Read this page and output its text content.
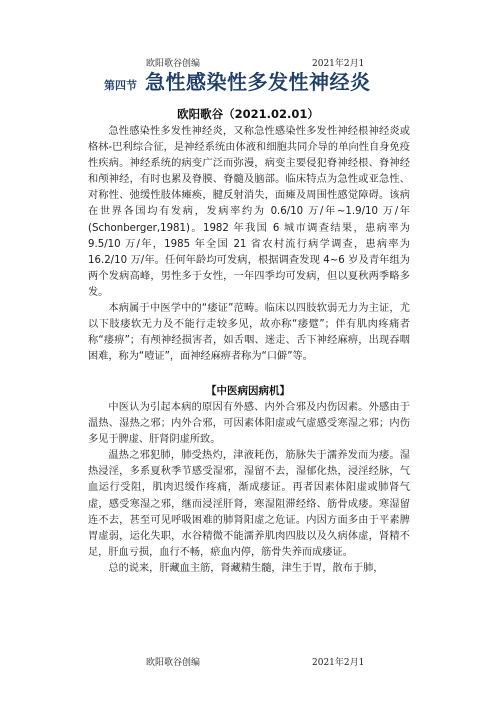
欧阳歌谷创编	2021年2月1
第四节 急性感染性多发性神经炎
欧阳歌谷（2021.02.01）

急性感染性多发性神经炎，又称急性感染性多发性神经根神经炎或格林-巴利综合征，是神经系统由体液和细胞共同介导的单向性自身免疫性疾病。神经系统的病变广泛而弥漫，病变主要侵犯脊神经根、脊神经和颅神经，有时也累及脊膜、脊髓及脑部。临床特点为急性或亚急性、对称性、弛缓性肢体瘫痪，腱反射消失，面瘫及周围性感觉障碍。该病在世界各国均有发病，发病率约为 0.6/10 万/年~1.9/10 万/年(Schonberger,1981)。1982 年我国 6 城市调查结果，患病率为 9.5/10 万/年，1985 年全国 21 省农村流行病学调查，患病率为 16.2/10 万/年。任何年龄均可发病，根据调查发现 4~6 岁及青年组为两个发病高峰，男性多于女性，一年四季均可发病，但以夏秋两季略多发。

本病属于中医学中的“痿证”范畴。临床以四肢软弱无力为主证，尤以下肢痿软无力及不能行走较多见，故亦称“痿躄”；伴有肌肉疼痛者称“痿痹”；有颅神经损害者，如舌咽、迷走、舌下神经麻痹，出现吞咽困难，称为“噎证”，面神经麻痹者称为“口僻”等。

【中医病因病机】

中医认为引起本病的原因有外感、内外合邪及内伤因素。外感由于温热、湿热之邪；内外合邪，可因素体阳虚或气虚感受寒湿之邪；内伤多见于脾虚、肝肾阴虚所致。

温热之邪犯肺，肺受热灼，津液耗伤，筋脉失于濡养发而为痿。湿热浸淫，多系夏秋季节感受湿邪，湿留不去，湿郁化热，浸淫经脉，气血运行受阻，肌肉迟缓作疼痛，渐成痿证。再者因素体阳虚或肺肾气虚，感受寒湿之邪，继而浸淫肝肾，寒湿阻滞经络、筋骨成痿。寒湿留连不去，甚至可见呼吸困难的肺肾阳虚之危证。内因方面多由于平素脾胃虚弱，运化失职，水谷精微不能濡养肌肉四肢以及久病体虚，肾精不足，肝血亏损，血行不畅，瘀血内停，筋骨失养而成痿证。

总的说来，肝藏血主筋，肾藏精生髓，津生于胃，散布于肺，

欧阳歌谷创编	2021年2月1
